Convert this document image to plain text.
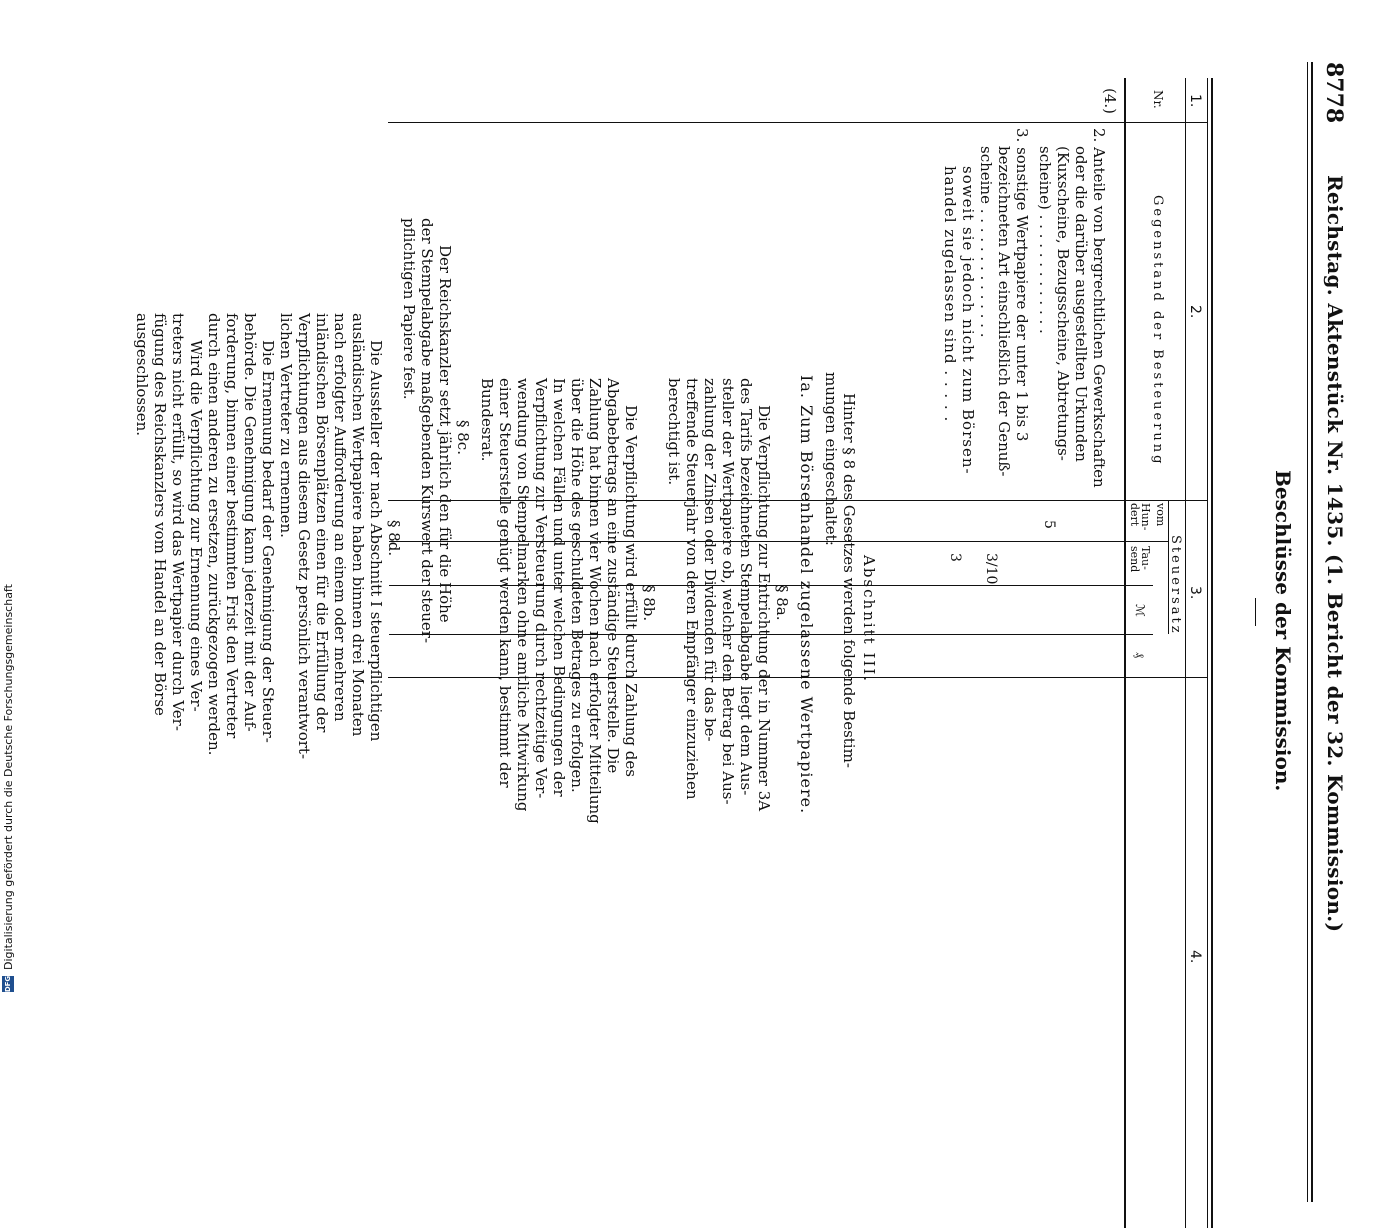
8778
Reichstag. Aktenstück Nr. 1435. (1. Bericht der 32. Kommission.)
Beschlüsse der Kommission.
1.
2.
3.
4.
Nr.
Gegenstand der Besteuerung
Steuersatz
vom
Hun-dert
Tau-send
ℳ
₰
(4.)
2. Anteile von bergrechtlichen Gewerkschaften
oder die darüber ausgestellten Urkunden
(Kuxscheine, Bezugsscheine, Abtretungs-
scheine) . . . . . . . . . . . . .
5
3. sonstige Wertpapiere der unter 1 bis 3
bezeichneten Art einschließlich der Genuß-
scheine . . . . . . . . . . . . . .
3/10
soweit sie jedoch nicht zum Börsen-
handel zugelassen sind . . . . .
3
Abschnitt III.
Hinter § 8 des Gesetzes werden folgende Bestim-
mungen eingeschaltet:
Ia. Zum Börsenhandel zugelassene Wertpapiere.
§ 8a.
Die Verpflichtung zur Entrichtung der in Nummer 3A
des Tarifs bezeichneten Stempelabgabe liegt dem Aus-
steller der Wertpapiere ob, welcher den Betrag bei Aus-
zahlung der Zinsen oder Dividenden für das be-
treffende Steuerjahr von deren Empfänger einzuziehen
berechtigt ist.
§ 8b.
Die Verpflichtung wird erfüllt durch Zahlung des
Abgabebetrags an eine zuständige Steuerstelle. Die
Zahlung hat binnen vier Wochen nach erfolgter Mitteilung
über die Höhe des geschuldeten Betrages zu erfolgen.
In welchen Fällen und unter welchen Bedingungen der
Verpflichtung zur Versteuerung durch rechtzeitige Ver-
wendung von Stempelmarken ohne amtliche Mitwirkung
einer Steuerstelle genügt werden kann, bestimmt der
Bundesrat.
§ 8c.
Der Reichskanzler setzt jährlich den für die Höhe
der Stempelabgabe maßgebenden Kurswert der steuer-
pflichtigen Papiere fest.
§ 8d.
Die Aussteller der nach Abschnitt I steuerpflichtigen
ausländischen Wertpapiere haben binnen drei Monaten
nach erfolgter Aufforderung an einem oder mehreren
inländischen Börsenplätzen einen für die Erfüllung der
Verpflichtungen aus diesem Gesetz persönlich verantwort-
lichen Vertreter zu ernennen.
Die Ernennung bedarf der Genehmigung der Steuer-
behörde. Die Genehmigung kann jederzeit mit der Auf-
forderung, binnen einer bestimmten Frist den Vertreter
durch einen anderen zu ersetzen, zurückgezogen werden.
Wird die Verpflichtung zur Ernennung eines Ver-
treters nicht erfüllt, so wird das Wertpapier durch Ver-
fügung des Reichskanzlers vom Handel an der Börse
ausgeschlossen.
DFG
Digitalisierung gefördert durch die Deutsche Forschungsgemeinschaft
